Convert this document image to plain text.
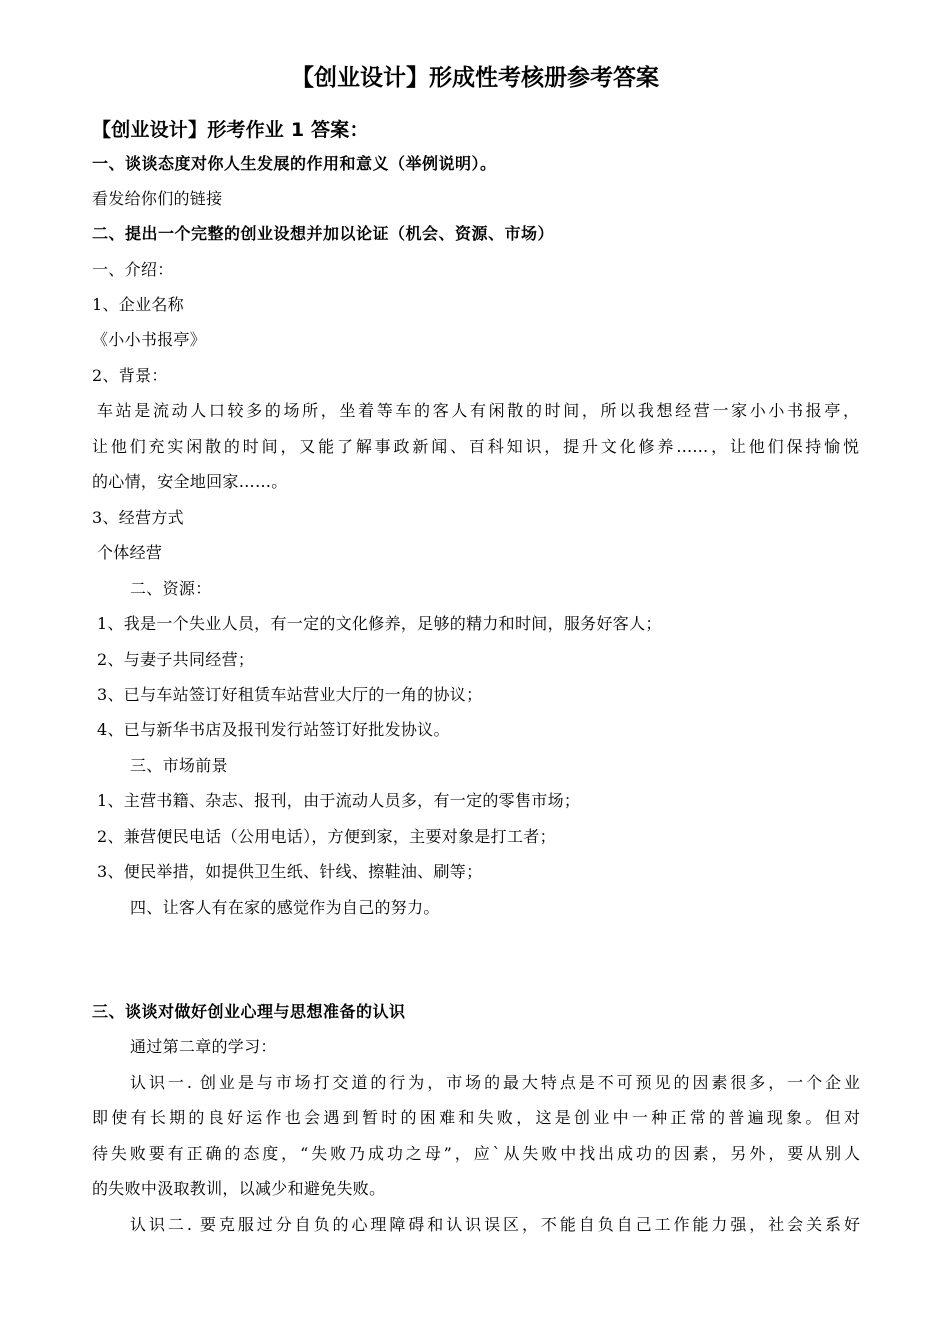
【创业设计】形成性考核册参考答案
【创业设计】形考作业 1 答案：
一、谈谈态度对你人生发展的作用和意义（举例说明）。
看发给你们的链接
二、提出一个完整的创业设想并加以论证（机会、资源、市场）
一、介绍：
1、企业名称
《小小书报亭》
2、背景：
车站是流动人口较多的场所，坐着等车的客人有闲散的时间，所以我想经营一家小小书报亭，
让他们充实闲散的时间，又能了解事政新闻、百科知识，提升文化修养……，让他们保持愉悦
的心情，安全地回家……。
3、经营方式
个体经营
二、资源：
1、我是一个失业人员，有一定的文化修养，足够的精力和时间，服务好客人；
2、与妻子共同经营；
3、已与车站签订好租赁车站营业大厅的一角的协议；
4、已与新华书店及报刊发行站签订好批发协议。
三、市场前景
1、主营书籍、杂志、报刊，由于流动人员多，有一定的零售市场；
2、兼营便民电话（公用电话），方便到家，主要对象是打工者；
3、便民举措，如提供卫生纸、针线、擦鞋油、刷等；
四、让客人有在家的感觉作为自己的努力。
三、谈谈对做好创业心理与思想准备的认识
通过第二章的学习：
认识一. 创业是与市场打交道的行为，市场的最大特点是不可预见的因素很多，一个企业
即使有长期的良好运作也会遇到暂时的困难和失败，这是创业中一种正常的普遍现象。但对
待失败要有正确的态度，“失败乃成功之母”，应`从失败中找出成功的因素，另外，要从别人
的失败中汲取教训，以减少和避免失败。
认识二. 要克服过分自负的心理障碍和认识误区，不能自负自己工作能力强，社会关系好
